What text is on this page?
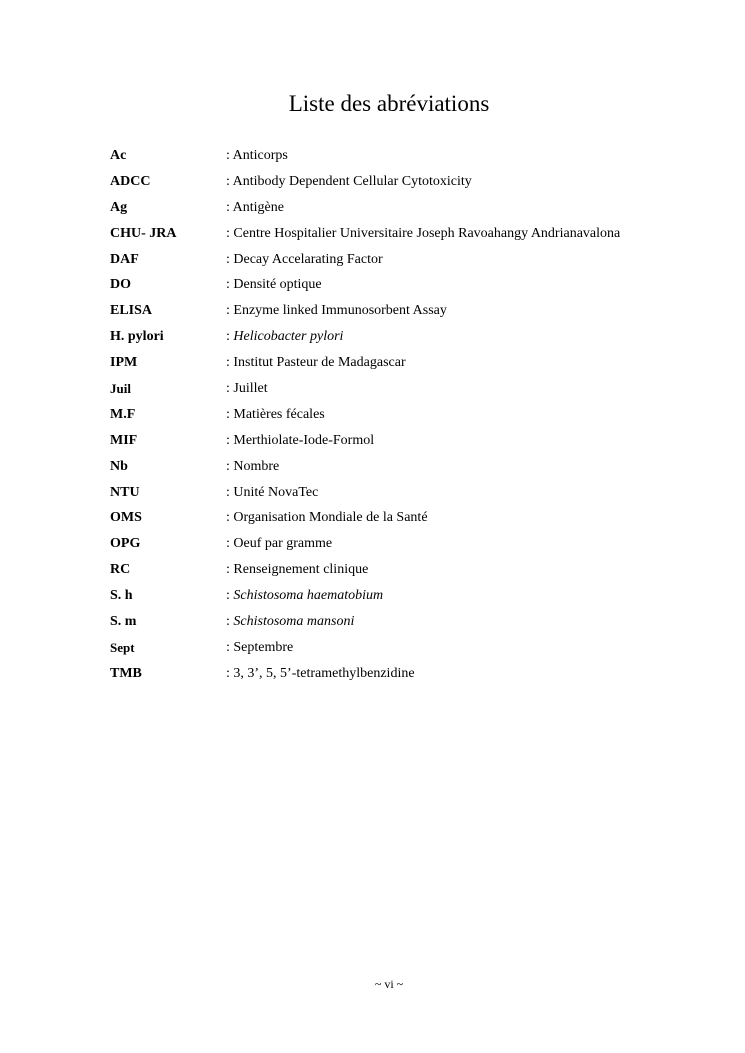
Liste des abréviations
Ac	: Anticorps
ADCC	: Antibody Dependent Cellular Cytotoxicity
Ag	: Antigène
CHU- JRA	: Centre Hospitalier Universitaire Joseph Ravoahangy Andrianavalona
DAF	: Decay Accelarating Factor
DO	: Densité optique
ELISA	: Enzyme linked Immunosorbent Assay
H. pylori	: Helicobacter pylori
IPM	: Institut Pasteur de Madagascar
Juil	: Juillet
M.F	: Matières fécales
MIF	: Merthiolate-Iode-Formol
Nb	: Nombre
NTU	: Unité NovaTec
OMS	: Organisation Mondiale de la Santé
OPG	: Oeuf par gramme
RC	: Renseignement clinique
S. h	: Schistosoma haematobium
S. m	: Schistosoma mansoni
Sept	: Septembre
TMB	: 3, 3’, 5, 5’-tetramethylbenzidine
~ vi ~
